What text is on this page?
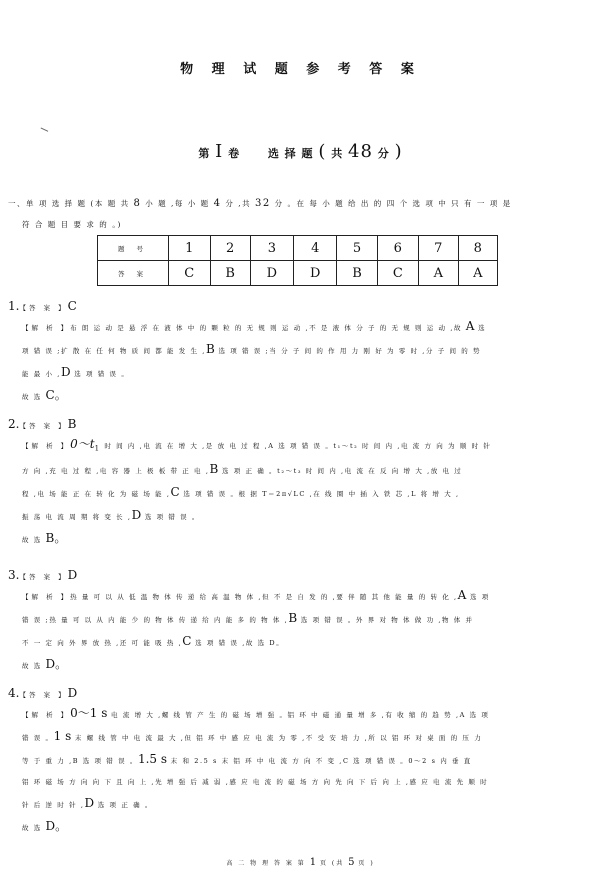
物 理 试 题 参 考 答 案
第 Ⅰ 卷	选 择 题 ( 共 48 分 )
一、单 项 选 择 题 (本 题 共 8 小 题 ,每 小 题 4 分 ,共 32 分 。在 每 小 题 给 出 的 四 个 选 项 中 只 有 一 项 是
符 合 题 目 要 求 的 。)
题 号	1	2	3	4	5	6	7	8
答 案	C	B	D	D	B	C	A	A
1.【答 案 】C
【解 析 】布 朗 运 动 是 悬 浮 在 液 体 中 的 颗 粒 的 无 规 则 运 动 ,不 是 液 体 分 子 的 无 规 则 运 动 ,故 A 选
项 错 误 ;扩 散 在 任 何 物 质 间 都 能 发 生 ,B 选 项 错 误 ;当 分 子 间 的 作 用 力 刚 好 为 零 时 ,分 子 间 的 势
能 最 小 ,D 选 项 错 误 。
故 选 C。
2.【答 案 】B
【解 析 】$0\sim t_1$ 时 间 内 ,电 流 在 增 大 ,是 放 电 过 程 ,A 选 项 错 误 。t₁～t₂ 时 间 内 ,电 流 方 向 为 顺 时 针
方 向 ,充 电 过 程 ,电 容 器 上 极 板 带 正 电 ,B 选 项 正 确 。t₂～t₃ 时 间 内 ,电 流 在 反 向 增 大 ,放 电 过
程 ,电 场 能 正 在 转 化 为 磁 场 能 ,C 选 项 错 误 。根 据 T＝2π√LC ,在 线 圈 中 插 入 铁 芯 ,L 将 增 大 ,
振 荡 电 流 周 期 将 变 长 ,D 选 项 错 误 。
故 选 B。
3.【答 案 】D
【解 析 】热 量 可 以 从 低 温 物 体 传 递 给 高 温 物 体 ,但 不 是 自 发 的 ,要 伴 随 其 他 能 量 的 转 化 ,A 选 项
错 误 ;热 量 可 以 从 内 能 少 的 物 体 传 递 给 内 能 多 的 物 体 ,B 选 项 错 误 。外 界 对 物 体 做 功 ,物 体 并
不 一 定 向 外 界 放 热 ,还 可 能 吸 热 ,C 选 项 错 误 ,故 选 D。
故 选 D。
4.【答 案 】D
【解 析 】0～1 s 电 流 增 大 ,螺 线 管 产 生 的 磁 场 增 强 。铝 环 中 磁 通 量 增 多 ,有 收 缩 的 趋 势 ,A 选 项
错 误 。1 s 末 螺 线 管 中 电 流 最 大 ,但 铝 环 中 感 应 电 流 为 零 ,不 受 安 培 力 ,所 以 铝 环 对 桌 面 的 压 力
等 于 重 力 ,B 选 项 错 误 。1.5 s 末 和 2.5 s 末 铝 环 中 电 流 方 向 不 变 ,C 选 项 错 误 。0～2 s 内 垂 直
铝 环 磁 场 方 向 向 下 且 向 上 ,先 增 强 后 减 弱 ,感 应 电 流 的 磁 场 方 向 先 向 下 后 向 上 ,感 应 电 流 先 顺 时
针 后 逆 时 针 ,D 选 项 正 确 。
故 选 D。
高 二 物 理 答 案 第 1 页 (共 5 页 )
